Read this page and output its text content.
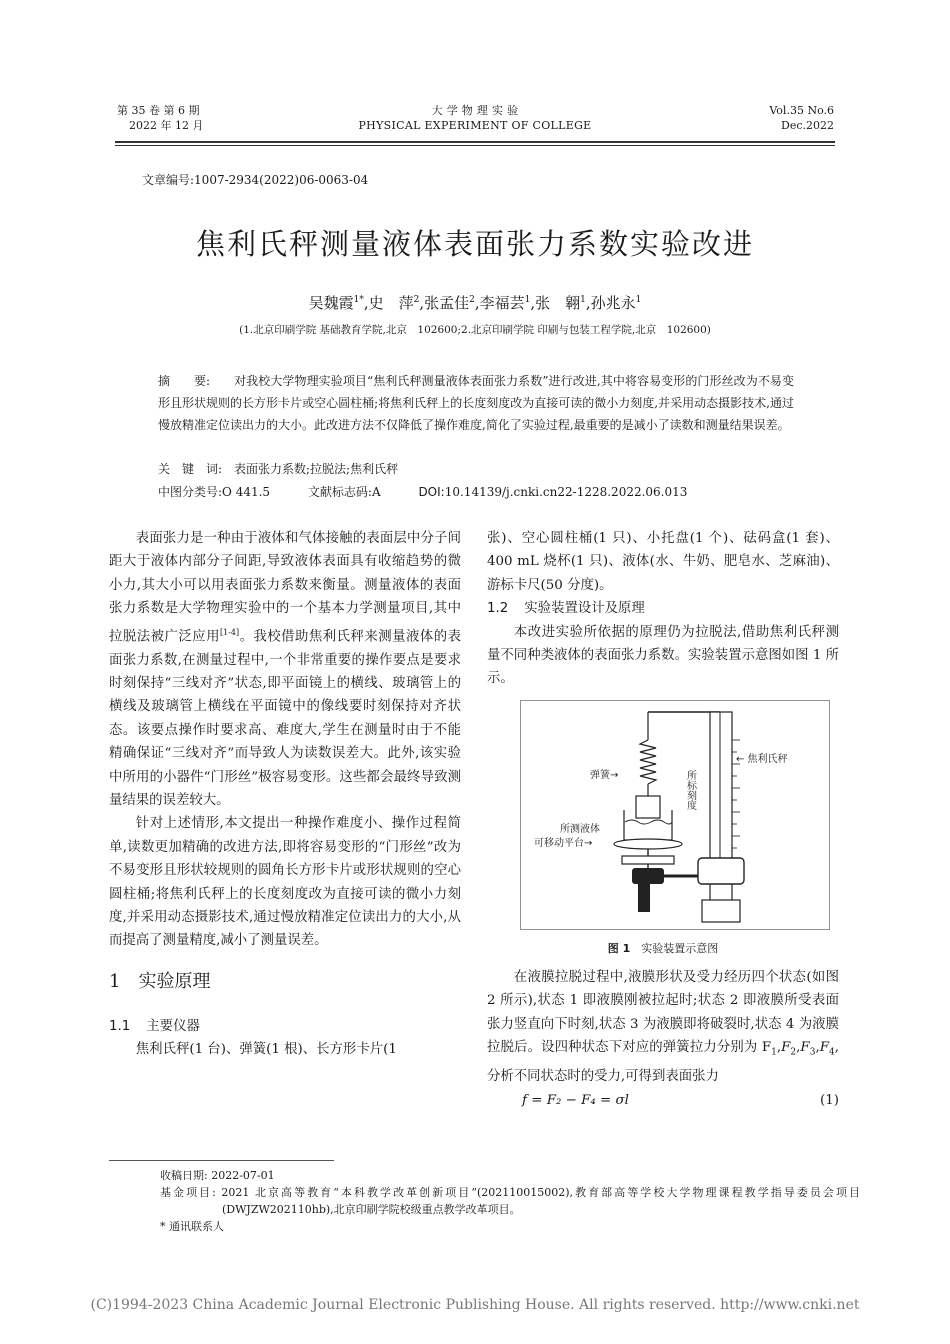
第 35 卷 第 6 期
2022 年 12 月
大 学 物 理 实 验
PHYSICAL EXPERIMENT OF COLLEGE
Vol.35 No.6
Dec.2022
文章编号:1007-2934(2022)06-0063-04
焦利氏秤测量液体表面张力系数实验改进
吴魏霞$^{1*}$,史　萍$^2$,张孟佳$^2$,李福芸$^1$,张　翱$^1$,孙兆永$^1$
(1.北京印刷学院 基础教育学院,北京　102600;2.北京印刷学院 印刷与包装工程学院,北京　102600)
摘　　要: 对我校大学物理实验项目“焦利氏秤测量液体表面张力系数”进行改进,其中将容易变形的门形丝改为不易变形且形状规则的长方形卡片或空心圆柱桶;将焦利氏秤上的长度刻度改为直接可读的微小力刻度,并采用动态摄影技术,通过慢放精准定位读出力的大小。此改进方法不仅降低了操作难度,简化了实验过程,最重要的是减小了读数和测量结果误差。
关　键　词: 表面张力系数;拉脱法;焦利氏秤
中图分类号:O 441.5	文献标志码:A	DOI:10.14139/j.cnki.cn22-1228.2022.06.013

表面张力是一种由于液体和气体接触的表面层中分子间距大于液体内部分子间距,导致液体表面具有收缩趋势的微小力,其大小可以用表面张力系数来衡量。测量液体的表面张力系数是大学物理实验中的一个基本力学测量项目,其中拉脱法被广泛应用[1-4]。我校借助焦利氏秤来测量液体的表面张力系数,在测量过程中,一个非常重要的操作要点是要求时刻保持“三线对齐”状态,即平面镜上的横线、玻璃管上的横线及玻璃管上横线在平面镜中的像线要时刻保持对齐状态。该要点操作时要求高、难度大,学生在测量时由于不能精确保证“三线对齐”而导致人为读数误差大。此外,该实验中所用的小器件“门形丝”极容易变形。这些都会最终导致测量结果的误差较大。

针对上述情形,本文提出一种操作难度小、操作过程简单,读数更加精确的改进方法,即将容易变形的“门形丝”改为不易变形且形状较规则的圆角长方形卡片或形状规则的空心圆柱桶;将焦利氏秤上的长度刻度改为直接可读的微小力刻度,并采用动态摄影技术,通过慢放精准定位读出力的大小,从而提高了测量精度,减小了测量误差。

1　实验原理
1.1 主要仪器

焦利氏秤(1 台)、弹簧(1 根)、长方形卡片(1

张)、空心圆柱桶(1 只)、小托盘(1 个)、砝码盒(1 套)、400 mL 烧杯(1 只)、液体(水、牛奶、肥皂水、芝麻油)、游标卡尺(50 分度)。

1.2 实验装置设计及原理

本改进实验所依据的原理仍为拉脱法,借助焦利氏秤测量不同种类液体的表面张力系数。实验装置示意图如图 1 所示。

弹簧→
← 焦利氏秤
所标刻度
所测液体
可移动平台→
图 1　 实验装置示意图

在液膜拉脱过程中,液膜形状及受力经历四个状态(如图 2 所示),状态 1 即液膜刚被拉起时;状态 2 即液膜所受表面张力竖直向下时刻,状态 3 为液膜即将破裂时,状态 4 为液膜拉脱后。设四种状态下对应的弹簧拉力分别为 $F_1,F_2,F_3,F_4$,分析不同状态时的受力,可得到表面张力

f = F₂ − F₄ = σl	(1)
收稿日期: 2022-07-01
基金项目: 2021 北京高等教育“本科教学改革创新项目”(202110015002),教育部高等学校大学物理课程教学指导委员会项目(DWJZW202110hb),北京印刷学院校级重点教学改革项目。
* 通讯联系人
(C)1994-2023 China Academic Journal Electronic Publishing House. All rights reserved. http://www.cnki.net
